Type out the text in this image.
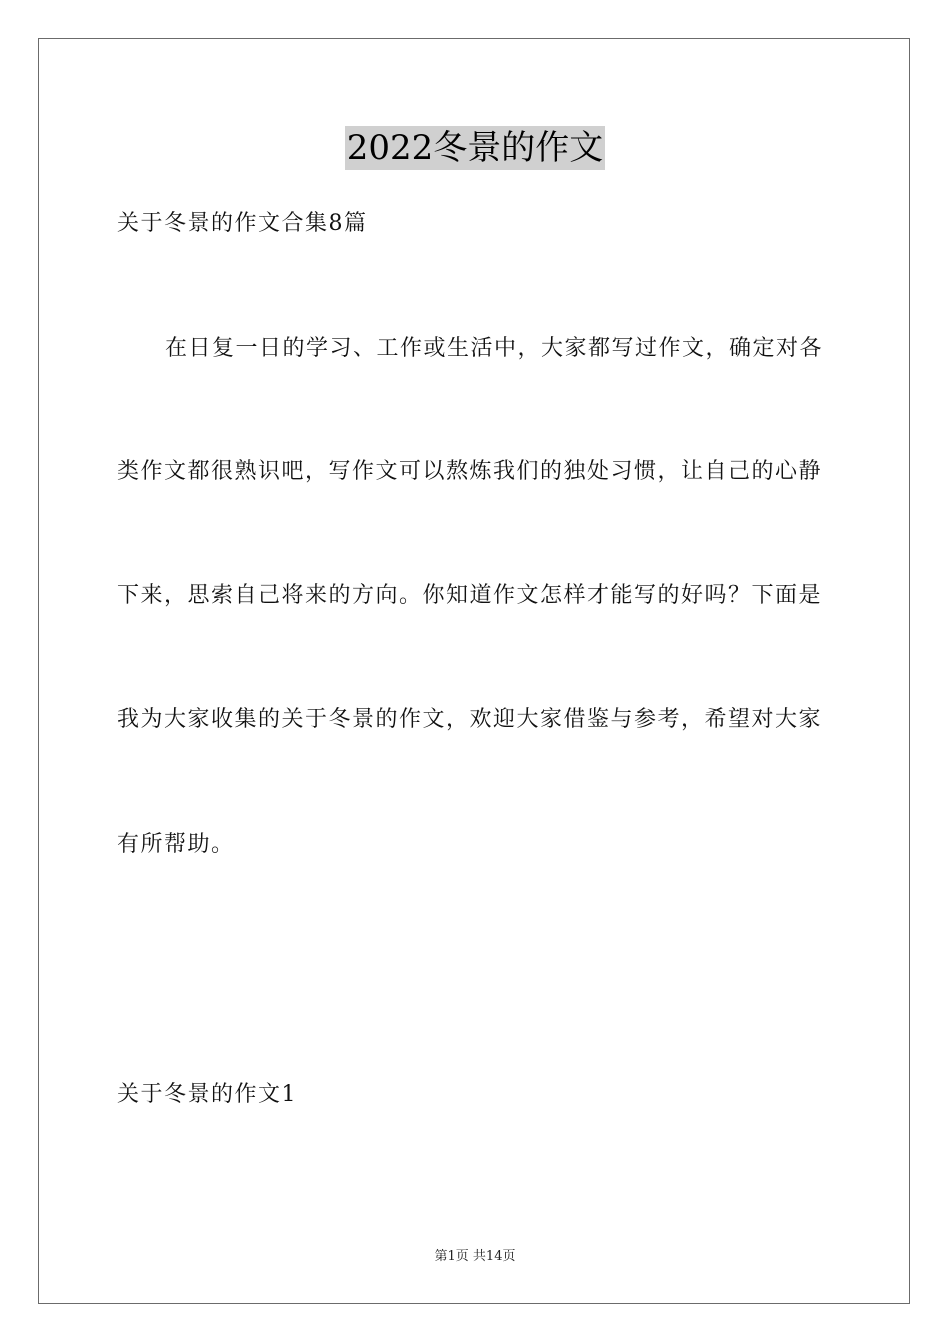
2022冬景的作文
关于冬景的作文合集8篇
在日复一日的学习、工作或生活中，大家都写过作文，确定对各
类作文都很熟识吧，写作文可以熬炼我们的独处习惯，让自己的心静
下来，思索自己将来的方向。你知道作文怎样才能写的好吗？下面是
我为大家收集的关于冬景的作文，欢迎大家借鉴与参考，希望对大家
有所帮助。
关于冬景的作文1
第1页 共14页
